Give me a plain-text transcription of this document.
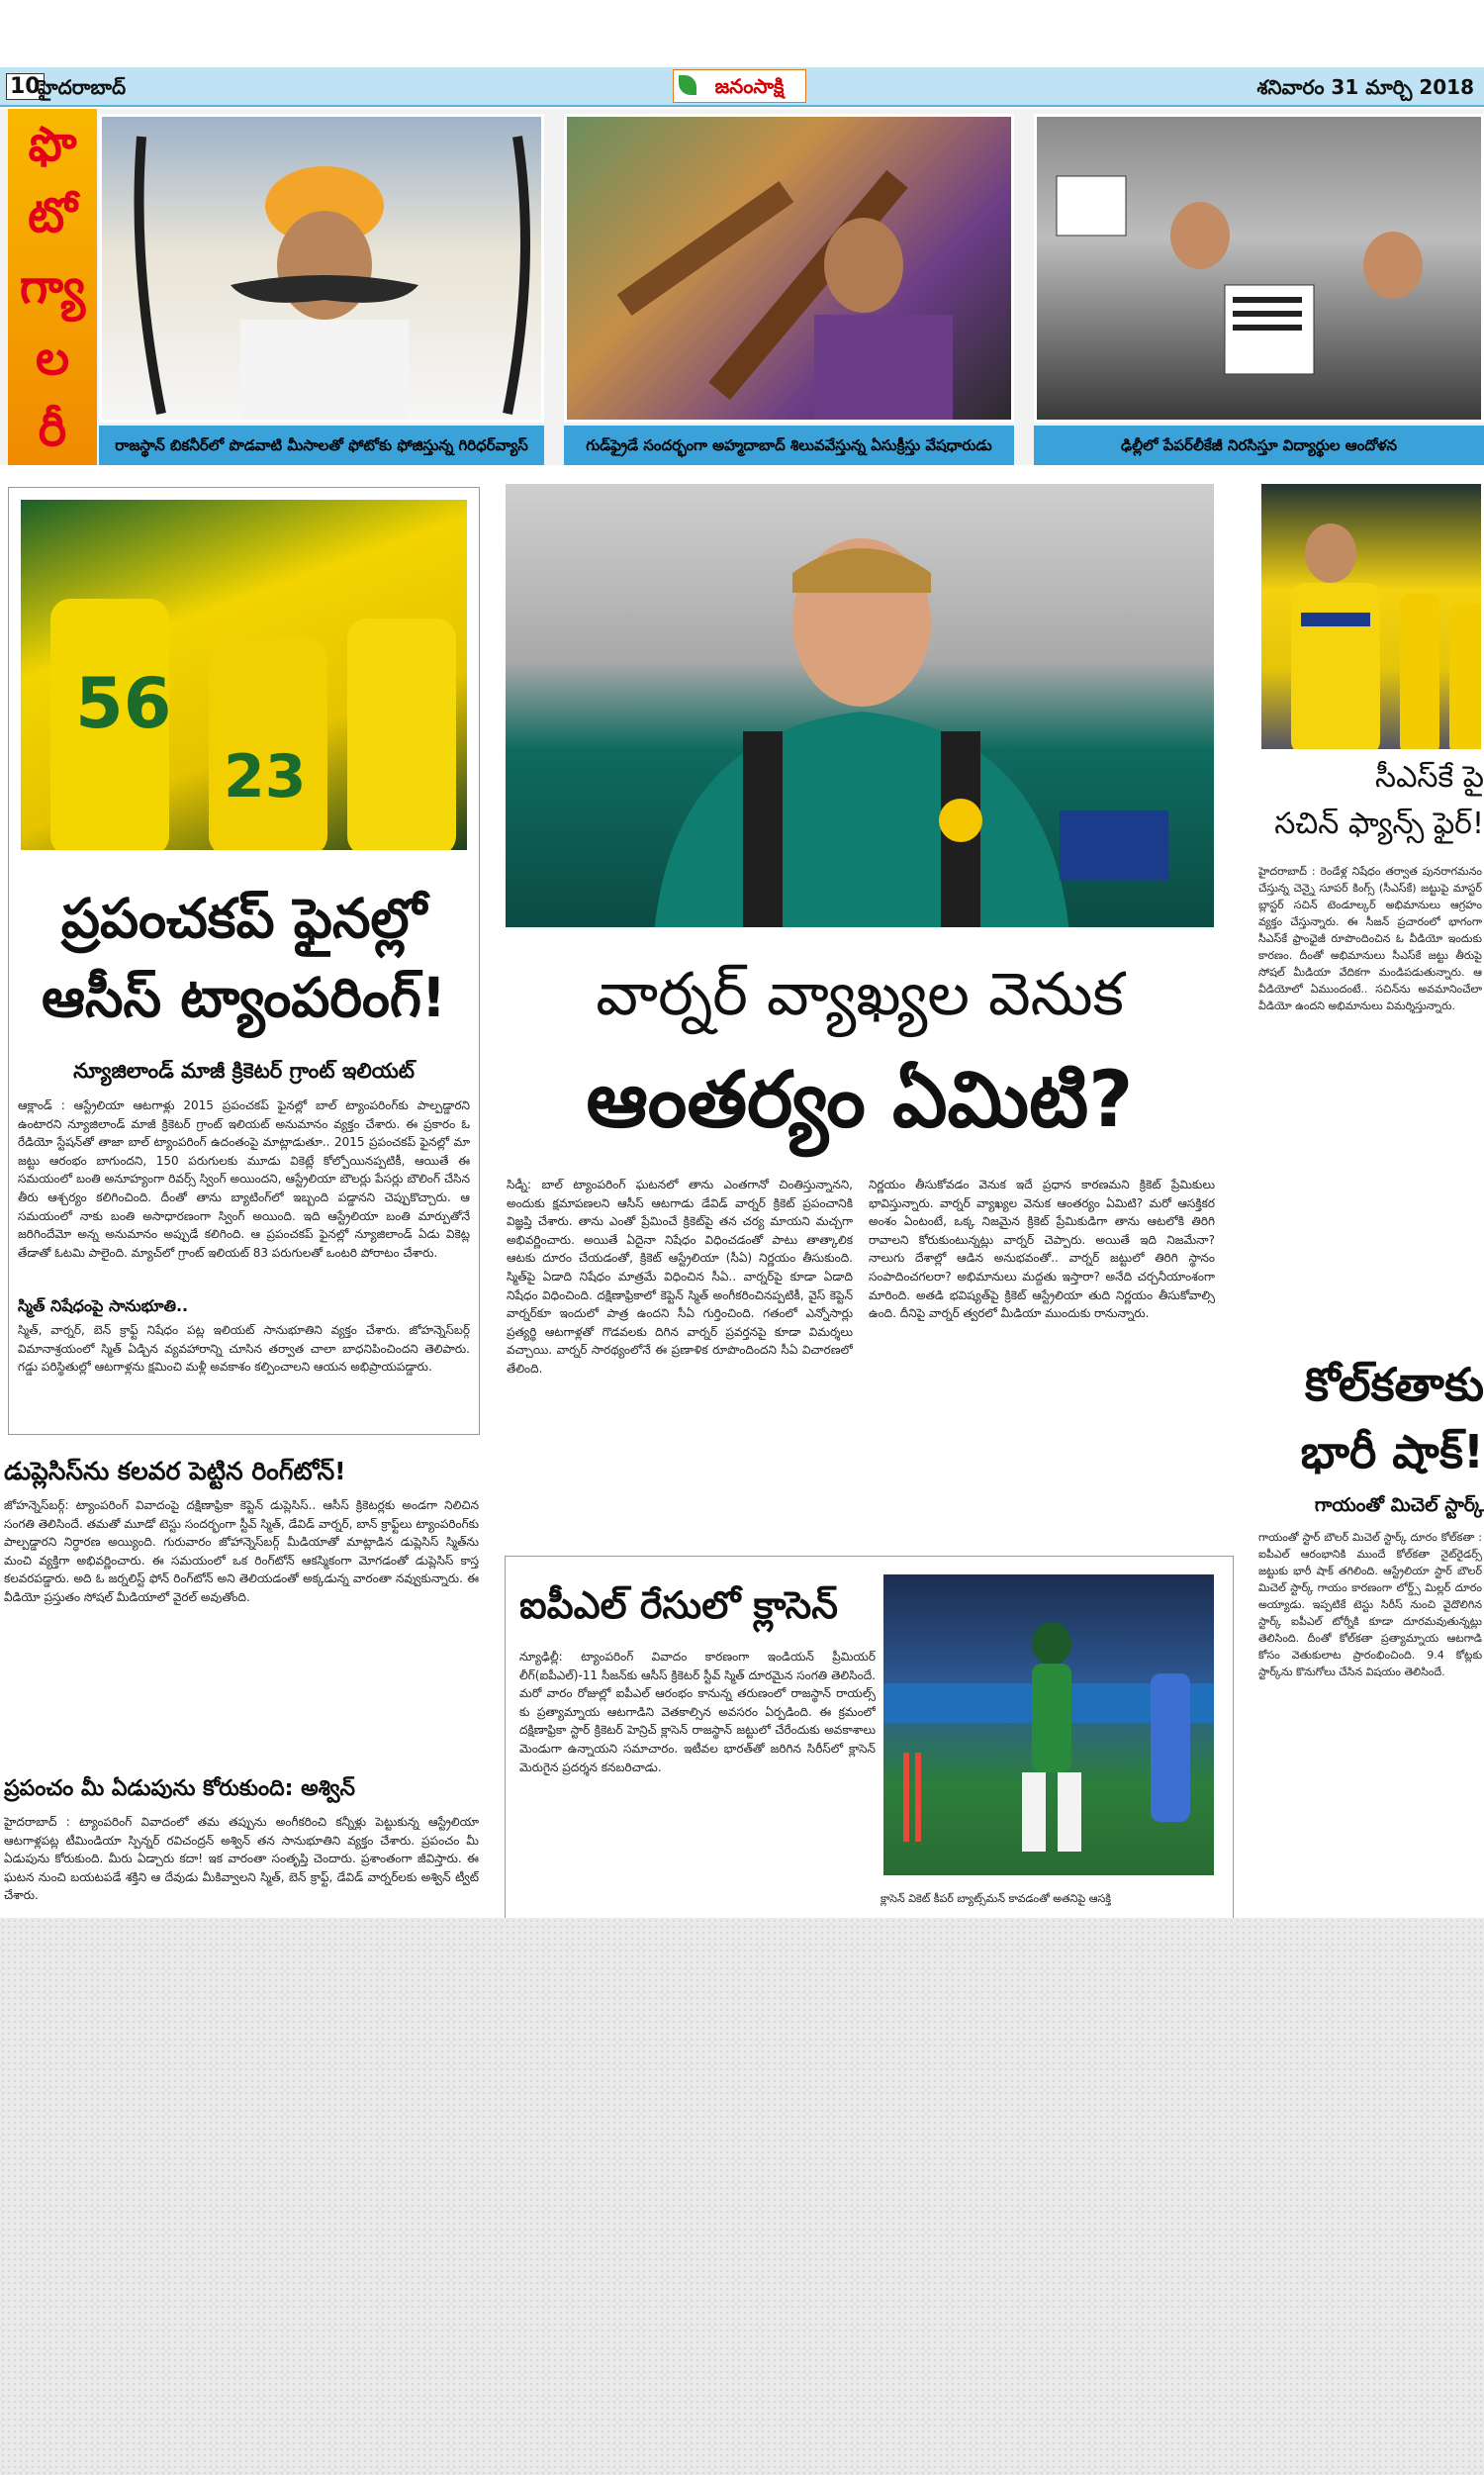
10
హైదరాబాద్	జనంసాక్షి	శనివారం 31 మార్చి 2018
ఫొ
టో
గ్యా
ల
రీ	రాజస్థాన్ బికనీర్‌లో పొడవాటి మీసాలతో ఫోటోకు ఫోజిస్తున్న గిరిధర్‌వ్యాస్	గుడ్‌ఫ్రైడే సందర్భంగా అహ్మదాబాద్ శిలువవేస్తున్న ఏసుక్రీస్తు వేషధారుడు	ఢిల్లీలో పేపర్‌లీకేజీ నిరసిస్తూ విద్యార్థుల ఆందోళన
56
23
ప్రపంచకప్ ఫైనల్లో
ఆసీస్ ట్యాంపరింగ్!
న్యూజిలాండ్ మాజీ క్రికెటర్ గ్రాంట్ ఇలియట్
ఆక్లాండ్ : ఆస్ట్రేలియా ఆటగాళ్లు 2015 ప్రపంచకప్ ఫైనల్లో బాల్ ట్యాంపరింగ్‌కు పాల్పడ్డారని ఉంటారని న్యూజిలాండ్ మాజీ క్రికెటర్ గ్రాంట్ ఇలియట్ అనుమానం వ్యక్తం చేశారు. ఈ ప్రకారం ఓ రేడియో స్టేషన్‌తో తాజా బాల్ ట్యాంపరింగ్ ఉదంతంపై మాట్లాడుతూ.. 2015 ప్రపంచకప్ ఫైనల్లో మా జట్టు ఆరంభం బాగుందని, 150 పరుగులకు మూడు వికెట్లే కోల్పోయినప్పటికీ, ఆయితే ఈ సమయంలో బంతి అనూహ్యంగా రివర్స్ స్వింగ్ అయిందని, ఆస్ట్రేలియా బౌలర్లు పేసర్లు బౌలింగ్ చేసిన తీరు ఆశ్చర్యం కలిగించింది. దీంతో తాను బ్యాటింగ్‌లో ఇబ్బంది పడ్డానని చెప్పుకొచ్చారు. ఆ సమయంలో నాకు బంతి అసాధారణంగా స్వింగ్ అయింది. ఇది ఆస్ట్రేలియా బంతి మార్పుతోనే జరిగిందేమో అన్న అనుమానం అప్పుడే కలిగింది. ఆ ప్రపంచకప్ ఫైనల్లో న్యూజిలాండ్ ఏడు వికెట్ల తేడాతో ఓటమి పాలైంది. మ్యాచ్‌లో గ్రాంట్ ఇలియట్ 83 పరుగులతో ఒంటరి పోరాటం చేశారు.
స్మిత్ నిషేధంపై సానుభూతి..
స్మిత్, వార్నర్, బెన్ క్రాఫ్ట్ నిషేధం పట్ల ఇలియట్ సానుభూతిని వ్యక్తం చేశారు. జోహన్నెస్‌బర్గ్ విమానాశ్రయంలో స్మిత్ ఏడ్చిన వ్యవహారాన్ని చూసిన తర్వాత చాలా బాధనిపించిందని తెలిపారు. గడ్డు పరిస్థితుల్లో ఆటగాళ్లను క్షమించి మళ్లీ అవకాశం కల్పించాలని ఆయన అభిప్రాయపడ్డారు.
డుప్లెసిస్‌ను కలవర పెట్టిన రింగ్‌టోన్!
జోహన్నెస్‌బర్గ్: ట్యాంపరింగ్ వివాదంపై దక్షిణాఫ్రికా కెప్టెన్ డుప్లెసిస్.. ఆసీస్ క్రికెటర్లకు అండగా నిలిచిన సంగతి తెలిసిందే. తమతో మూడో టెస్టు సందర్భంగా స్టీవ్ స్మిత్, డేవిడ్ వార్నర్, బాన్ క్రాఫ్ట్‌లు ట్యాంపరింగ్‌కు పాల్పడ్డారని నిర్ధారణ అయ్యింది. గురువారం జోహాన్నెస్‌బర్గ్ మీడియాతో మాట్లాడిన డుప్లెసిస్ స్మిత్‌ను మంచి వ్యక్తిగా అభివర్ణించారు. ఈ సమయంలో ఒక రింగ్‌టోన్ ఆకస్మికంగా మోగడంతో డుప్లెసిస్ కాస్త కలవరపడ్డారు. అది ఓ జర్నలిస్ట్ ఫోన్ రింగ్‌టోన్ అని తెలియడంతో అక్కడున్న వారంతా నవ్వుకున్నారు. ఈ వీడియో ప్రస్తుతం సోషల్ మీడియాలో వైరల్ అవుతోంది.
ప్రపంచం మీ ఏడుపును కోరుకుంది: అశ్విన్
హైదరాబాద్ : ట్యాంపరింగ్ వివాదంలో తమ తప్పును అంగీకరించి కన్నీళ్లు పెట్టుకున్న ఆస్ట్రేలియా ఆటగాళ్లపట్ల టీమిండియా స్పిన్నర్ రవిచంద్రన్ అశ్విన్ తన సానుభూతిని వ్యక్తం చేశారు. ప్రపంచం మీ ఏడుపును కోరుకుంది. మీరు ఏడ్చారు కదా! ఇక వారంతా సంతృప్తి చెందారు. ప్రశాంతంగా జీవిస్తారు. ఈ ఘటన నుంచి బయటపడే శక్తిని ఆ దేవుడు మీకివ్వాలని స్మిత్, బెన్ క్రాఫ్ట్, డేవిడ్ వార్నర్‌లకు అశ్విన్ ట్వీట్ చేశారు.
వార్నర్ వ్యాఖ్యల వెనుక
ఆంతర్యం ఏమిటి?
సిడ్నీ: బాల్ ట్యాంపరింగ్ ఘటనలో తాను ఎంతగానో చింతిస్తున్నానని, అందుకు క్షమాపణలని ఆసీస్ ఆటగాడు డేవిడ్ వార్నర్ క్రికెట్ ప్రపంచానికి విజ్ఞప్తి చేశారు. తాను ఎంతో ప్రేమించే క్రికెట్‌పై తన చర్య మాయని మచ్చగా అభివర్ణించారు. అయితే ఏదైనా నిషేధం విధించడంతో పాటు తాత్కాలిక ఆటకు దూరం చేయడంతో, క్రికెట్ ఆస్ట్రేలియా (సీఏ) నిర్ణయం తీసుకుంది. స్మిత్‌పై ఏడాది నిషేధం మాత్రమే విధించిన సీఏ.. వార్నర్‌పై కూడా ఏడాది నిషేధం విధించింది. దక్షిణాఫ్రికాలో కెప్టెన్ స్మిత్ అంగీకరించినప్పటికీ, వైస్ కెప్టెన్ వార్నర్‌కూ ఇందులో పాత్ర ఉందని సీఏ గుర్తించింది. గతంలో ఎన్నోసార్లు ప్రత్యర్థి ఆటగాళ్లతో గొడవలకు దిగిన వార్నర్ ప్రవర్తనపై కూడా విమర్శలు వచ్చాయి. వార్నర్ సారథ్యంలోనే ఈ ప్రణాళిక రూపొందిందని సీఏ విచారణలో తేలింది.
నిర్ణయం తీసుకోవడం వెనుక ఇదే ప్రధాన కారణమని క్రికెట్ ప్రేమికులు భావిస్తున్నారు. వార్నర్ వ్యాఖ్యల వెనుక ఆంతర్యం ఏమిటి? మరో ఆసక్తికర అంశం ఏంటంటే, ఒక్క నిజమైన క్రికెట్ ప్రేమికుడిగా తాను ఆటలోకి తిరిగి రావాలని కోరుకుంటున్నట్లు వార్నర్ చెప్పారు. అయితే ఇది నిజమేనా? నాలుగు దేశాల్లో ఆడిన అనుభవంతో.. వార్నర్ జట్టులో తిరిగి స్థానం సంపాదించగలరా? అభిమానులు మద్దతు ఇస్తారా? అనేది చర్చనీయాంశంగా మారింది. అతడి భవిష్యత్‌పై క్రికెట్ ఆస్ట్రేలియా తుది నిర్ణయం తీసుకోవాల్సి ఉంది. దీనిపై వార్నర్ త్వరలో మీడియా ముందుకు రానున్నారు.
ఐపీఎల్ రేసులో క్లాసెన్
న్యూఢిల్లీ: ట్యాంపరింగ్ వివాదం కారణంగా ఇండియన్ ప్రీమియర్ లీగ్(ఐపీఎల్)-11 సీజన్‌కు ఆసీస్ క్రికెటర్ స్టీవ్ స్మిత్ దూరమైన సంగతి తెలిసిందే. మరో వారం రోజుల్లో ఐపీఎల్ ఆరంభం కానున్న తరుణంలో రాజస్థాన్ రాయల్స్ కు ప్రత్యామ్నాయ ఆటగాడిని వెతకాల్సిన అవసరం ఏర్పడింది. ఈ క్రమంలో దక్షిణాఫ్రికా స్టార్ క్రికెటర్ హెన్రిచ్ క్లాసెన్ రాజస్థాన్ జట్టులో చేరేందుకు అవకాశాలు మెండుగా ఉన్నాయని సమాచారం. ఇటీవల భారత్‌తో జరిగిన సిరీస్‌లో క్లాసెన్ మెరుగైన ప్రదర్శన కనబరిచాడు.
క్లాసెన్ వికెట్ కీపర్ బ్యాట్స్‌మన్ కావడంతో అతనిపై ఆసక్తి
సీఎస్‌కే పై
సచిన్ ఫ్యాన్స్ ఫైర్!
హైదరాబాద్ : రెండేళ్ల నిషేధం తర్వాత పునరాగమనం చేస్తున్న చెన్నై సూపర్ కింగ్స్ (సీఎస్‌కే) జట్టుపై మాస్టర్ బ్లాస్టర్ సచిన్ టెండూల్కర్ అభిమానులు ఆగ్రహం వ్యక్తం చేస్తున్నారు. ఈ సీజన్ ప్రచారంలో భాగంగా సీఎస్‌కే ఫ్రాంఛైజీ రూపొందించిన ఓ వీడియో ఇందుకు కారణం. దీంతో అభిమానులు సీఎస్‌కే జట్టు తీరుపై సోషల్ మీడియా వేదికగా మండిపడుతున్నారు. ఆ వీడియోలో ఏముందంటే.. సచిన్‌ను అవమానించేలా వీడియో ఉందని అభిమానులు విమర్శిస్తున్నారు.
కోల్‌కతాకు
భారీ షాక్!
గాయంతో మిచెల్ స్టార్క్
గాయంతో స్టార్ బౌలర్ మిచెల్ స్టార్క్ దూరం కోల్‌కతా : ఐపీఎల్ ఆరంభానికి ముందే కోల్‌కతా నైట్‌రైడర్స్ జట్టుకు భారీ షాక్ తగిలింది. ఆస్ట్రేలియా స్టార్ బౌలర్ మిచెల్ స్టార్క్ గాయం కారణంగా లోర్డ్స్ మిల్లర్ దూరం అయ్యాడు. ఇప్పటికే టెస్టు సిరీస్ నుంచి వైదొలిగిన స్టార్క్ ఐపీఎల్ టోర్నీకి కూడా దూరమవుతున్నట్లు తెలిసింది. దీంతో కోల్‌కతా ప్రత్యామ్నాయ ఆటగాడి కోసం వెతుకులాట ప్రారంభించింది. 9.4 కోట్లకు స్టార్క్‌ను కొనుగోలు చేసిన విషయం తెలిసిందే.
